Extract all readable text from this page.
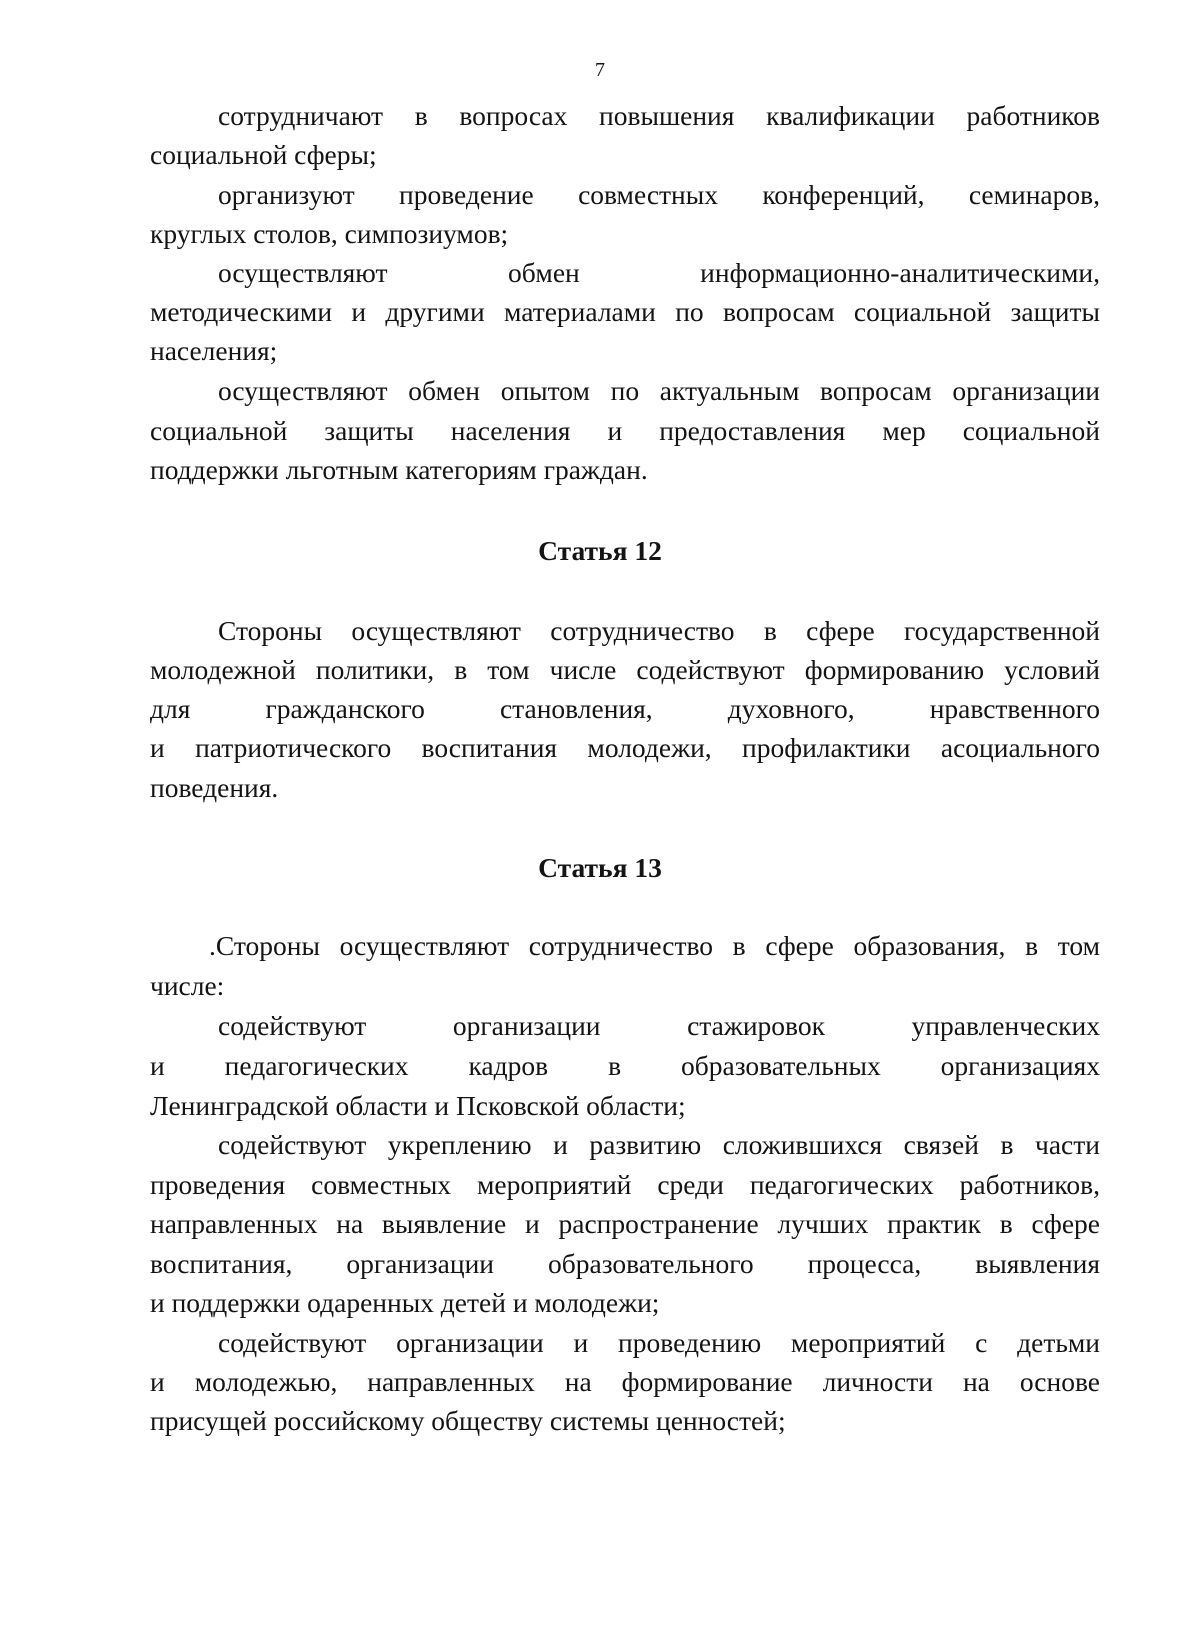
7
сотрудничают в вопросах повышения квалификации работников
социальной сферы;
организуют проведение совместных конференций, семинаров,
круглых столов, симпозиумов;
осуществляют обмен информационно-аналитическими,
методическими и другими материалами по вопросам социальной защиты
населения;
осуществляют обмен опытом по актуальным вопросам организации
социальной защиты населения и предоставления мер социальной
поддержки льготным категориям граждан.
Статья 12
Стороны осуществляют сотрудничество в сфере государственной
молодежной политики, в том числе содействуют формированию условий
для гражданского становления, духовного, нравственного
и патриотического воспитания молодежи, профилактики асоциального
поведения.
Статья 13
.Стороны осуществляют сотрудничество в сфере образования, в том
числе:
содействуют организации стажировок управленческих
и педагогических кадров в образовательных организациях
Ленинградской области и Псковской области;
содействуют укреплению и развитию сложившихся связей в части
проведения совместных мероприятий среди педагогических работников,
направленных на выявление и распространение лучших практик в сфере
воспитания, организации образовательного процесса, выявления
и поддержки одаренных детей и молодежи;
содействуют организации и проведению мероприятий с детьми
и молодежью, направленных на формирование личности на основе
присущей российскому обществу системы ценностей;
